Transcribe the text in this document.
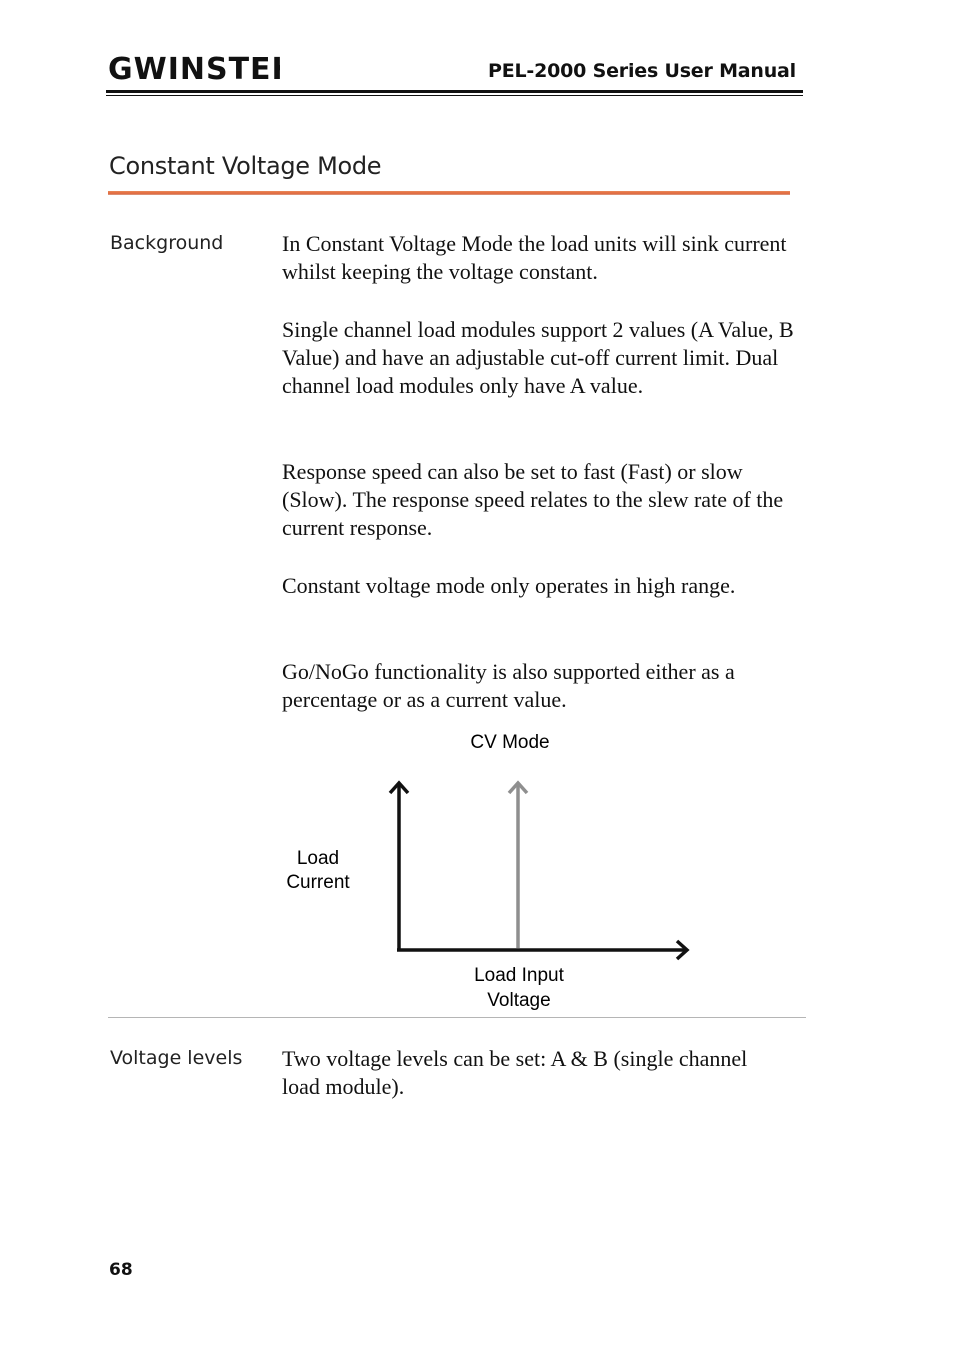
GWINSTEK	PEL-2000 Series User Manual
Constant Voltage Mode
Background	In Constant Voltage Mode the load units will sink current whilst keeping the voltage constant.
Single channel load modules support 2 values (A Value, B Value) and have an adjustable cut-off current limit. Dual channel load modules only have A value.
Response speed can also be set to fast (Fast) or slow (Slow). The response speed relates to the slew rate of the current response.
Constant voltage mode only operates in high range.
Go/NoGo functionality is also supported either as a percentage or as a current value.
CV Mode
Load
Current
Load Input
Voltage
Voltage levels Two voltage levels can be set: A & B (single channel load module).
68
